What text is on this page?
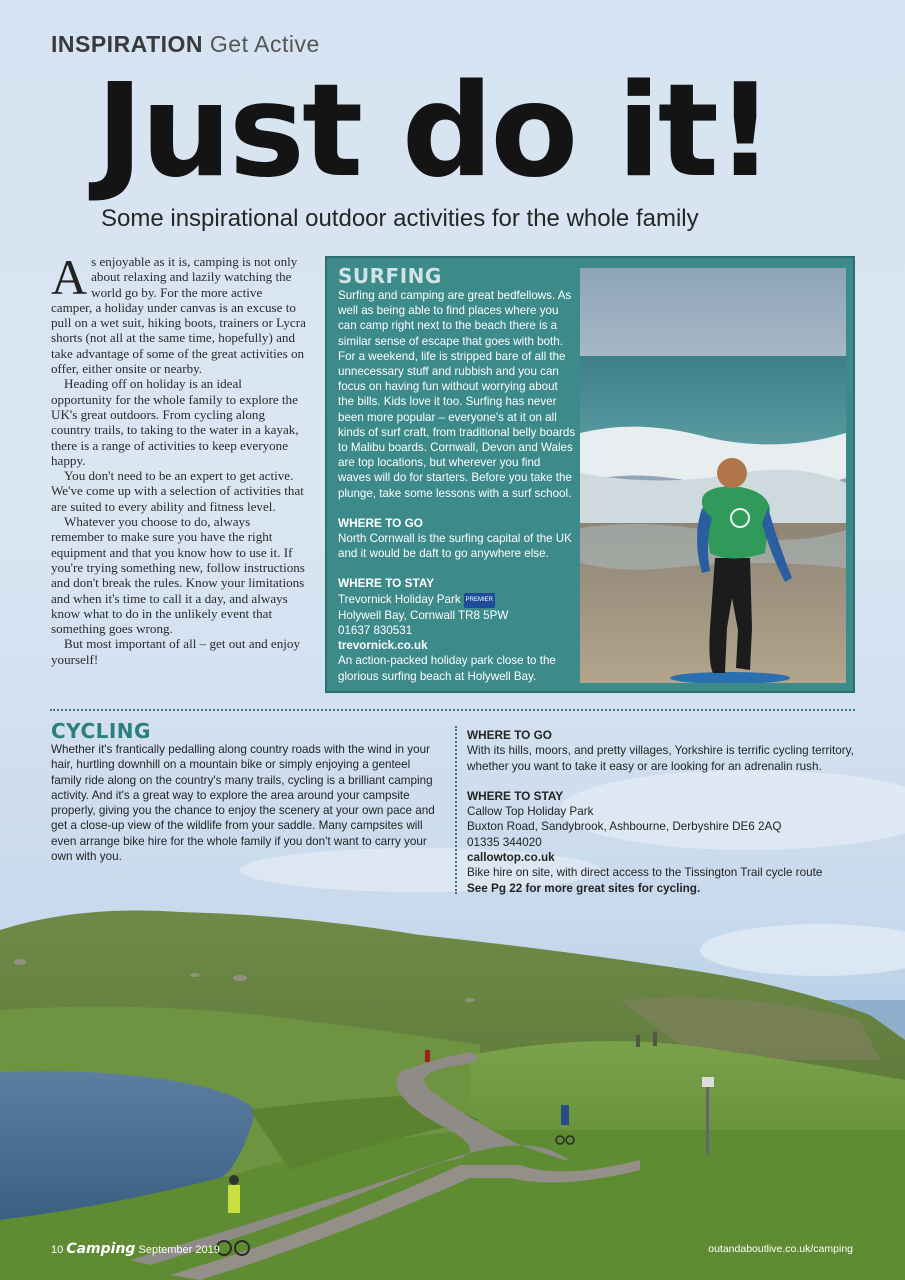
INSPIRATION Get Active
Just do it!
Some inspirational outdoor activities for the whole family

As enjoyable as it is, camping is not only about relaxing and lazily watching the world go by. For the more active camper, a holiday under canvas is an excuse to pull on a wet suit, hiking boots, trainers or Lycra shorts (not all at the same time, hopefully) and take advantage of some of the great activities on offer, either onsite or nearby.

Heading off on holiday is an ideal opportunity for the whole family to explore the UK's great outdoors. From cycling along country trails, to taking to the water in a kayak, there is a range of activities to keep everyone happy.

You don't need to be an expert to get active. We've come up with a selection of activities that are suited to every ability and fitness level.

Whatever you choose to do, always remember to make sure you have the right equipment and that you know how to use it. If you're trying something new, follow instructions and don't break the rules. Know your limitations and when it's time to call it a day, and always know what to do in the unlikely event that something goes wrong.

But most important of all – get out and enjoy yourself!

SURFING

Surfing and camping are great bedfellows. As well as being able to find places where you can camp right next to the beach there is a similar sense of escape that goes with both. For a weekend, life is stripped bare of all the unnecessary stuff and rubbish and you can focus on having fun without worrying about the bills. Kids love it too. Surfing has never been more popular – everyone's at it on all kinds of surf craft, from traditional belly boards to Malibu boards. Cornwall, Devon and Wales are top locations, but wherever you find waves will do for starters. Before you take the plunge, take some lessons with a surf school.

WHERE TO GO

North Cornwall is the surfing capital of the UK and it would be daft to go anywhere else.

WHERE TO STAY

Trevornick Holiday Park PREMIER

Holywell Bay, Cornwall TR8 5PW

01637 830531

trevornick.co.uk

An action-packed holiday park close to the glorious surfing beach at Holywell Bay.

CYCLING

Whether it's frantically pedalling along country roads with the wind in your hair, hurtling downhill on a mountain bike or simply enjoying a genteel family ride along on the country's many trails, cycling is a brilliant camping activity. And it's a great way to explore the area around your campsite properly, giving you the chance to enjoy the scenery at your own pace and get a close-up view of the wildlife from your saddle. Many campsites will even arrange bike hire for the whole family if you don't want to carry your own with you.

WHERE TO GO

With its hills, moors, and pretty villages, Yorkshire is terrific cycling territory, whether you want to take it easy or are looking for an adrenalin rush.

WHERE TO STAY

Callow Top Holiday Park

Buxton Road, Sandybrook, Ashbourne, Derbyshire DE6 2AQ

01335 344020

callowtop.co.uk

Bike hire on site, with direct access to the Tissington Trail cycle route

See Pg 22 for more great sites for cycling.

10 Camping September 2019	outandaboutlive.co.uk/camping
